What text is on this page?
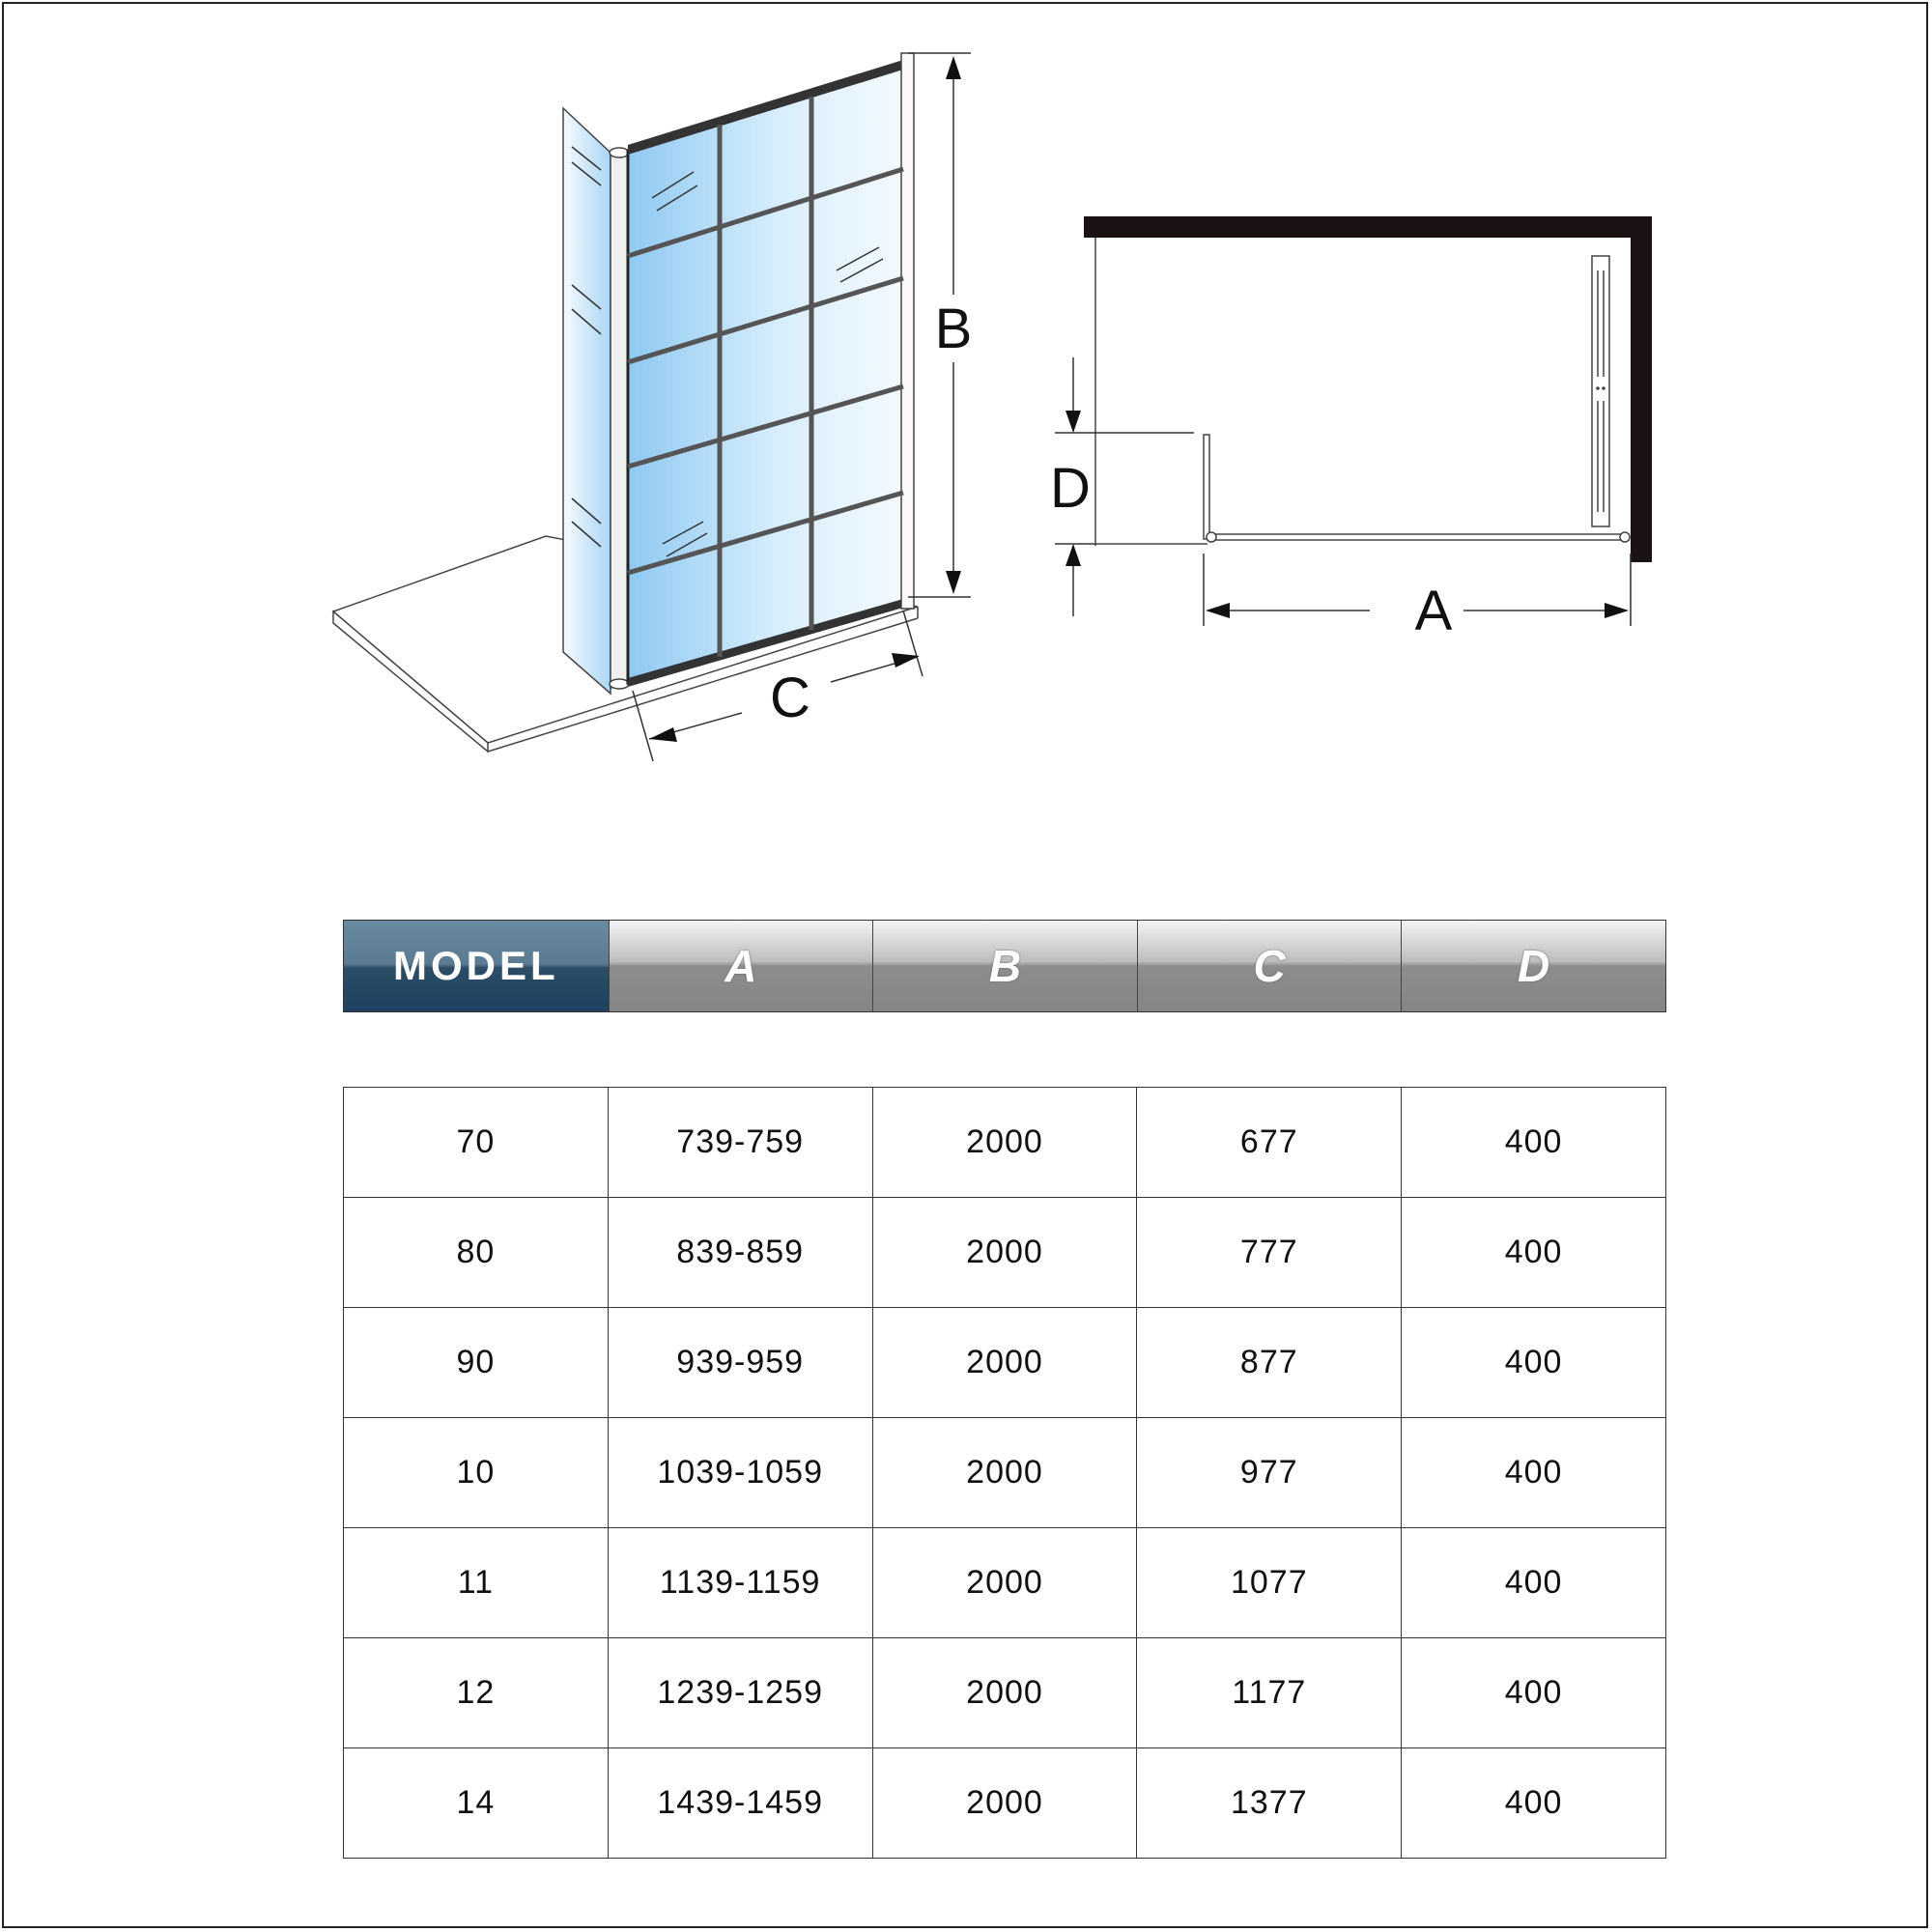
B
C
D
A
MODEL	A	B	C	D
70	739-759	2000	677	400
80	839-859	2000	777	400
90	939-959	2000	877	400
10	1039-1059	2000	977	400
11	1139-1159	2000	1077	400
12	1239-1259	2000	1177	400
14	1439-1459	2000	1377	400
